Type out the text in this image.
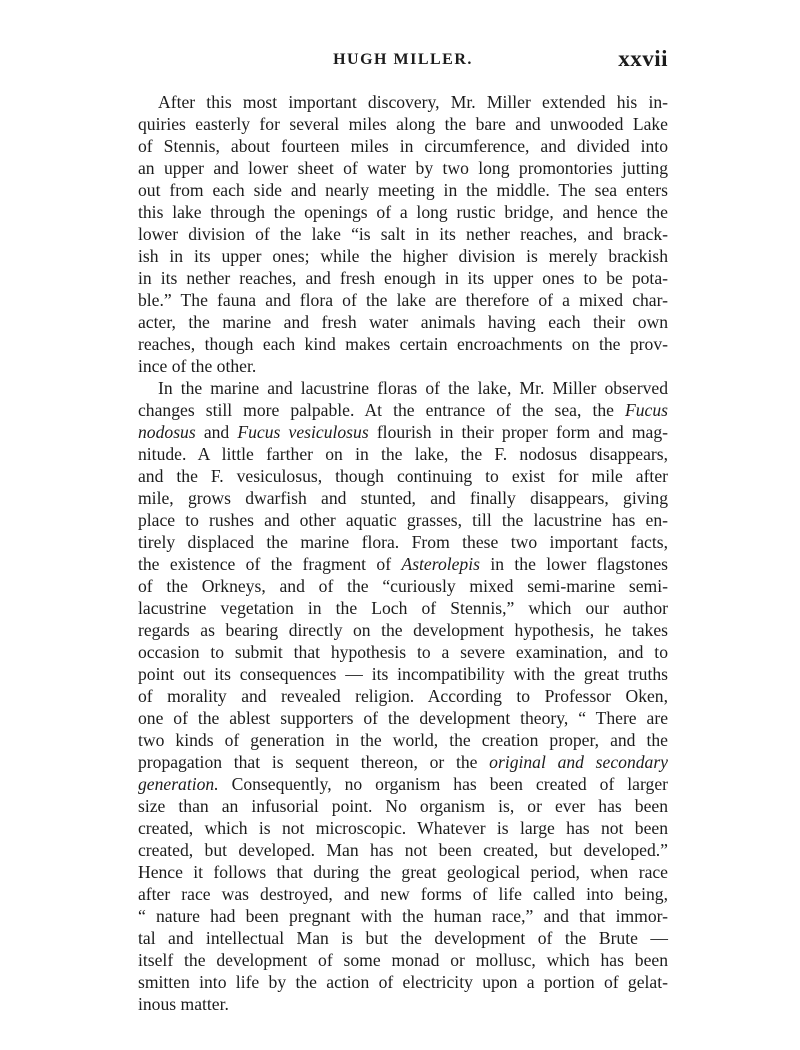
HUGH MILLER.	xxvii
After this most important discovery, Mr. Miller extended his in-
quiries easterly for several miles along the bare and unwooded Lake
of Stennis, about fourteen miles in circumference, and divided into
an upper and lower sheet of water by two long promontories jutting
out from each side and nearly meeting in the middle. The sea enters
this lake through the openings of a long rustic bridge, and hence the
lower division of the lake “is salt in its nether reaches, and brack-
ish in its upper ones; while the higher division is merely brackish
in its nether reaches, and fresh enough in its upper ones to be pota-
ble.” The fauna and flora of the lake are therefore of a mixed char-
acter, the marine and fresh water animals having each their own
reaches, though each kind makes certain encroachments on the prov-
ince of the other.
In the marine and lacustrine floras of the lake, Mr. Miller observed
changes still more palpable. At the entrance of the sea, the Fucus
nodosus and Fucus vesiculosus flourish in their proper form and mag-
nitude. A little farther on in the lake, the F. nodosus disappears,
and the F. vesiculosus, though continuing to exist for mile after
mile, grows dwarfish and stunted, and finally disappears, giving
place to rushes and other aquatic grasses, till the lacustrine has en-
tirely displaced the marine flora. From these two important facts,
the existence of the fragment of Asterolepis in the lower flagstones
of the Orkneys, and of the “curiously mixed semi-marine semi-
lacustrine vegetation in the Loch of Stennis,” which our author
regards as bearing directly on the development hypothesis, he takes
occasion to submit that hypothesis to a severe examination, and to
point out its consequences — its incompatibility with the great truths
of morality and revealed religion. According to Professor Oken,
one of the ablest supporters of the development theory, “ There are
two kinds of generation in the world, the creation proper, and the
propagation that is sequent thereon, or the original and secondary
generation. Consequently, no organism has been created of larger
size than an infusorial point. No organism is, or ever has been
created, which is not microscopic. Whatever is large has not been
created, but developed. Man has not been created, but developed.”
Hence it follows that during the great geological period, when race
after race was destroyed, and new forms of life called into being,
“ nature had been pregnant with the human race,” and that immor-
tal and intellectual Man is but the development of the Brute —
itself the development of some monad or mollusc, which has been
smitten into life by the action of electricity upon a portion of gelat-
inous matter.
